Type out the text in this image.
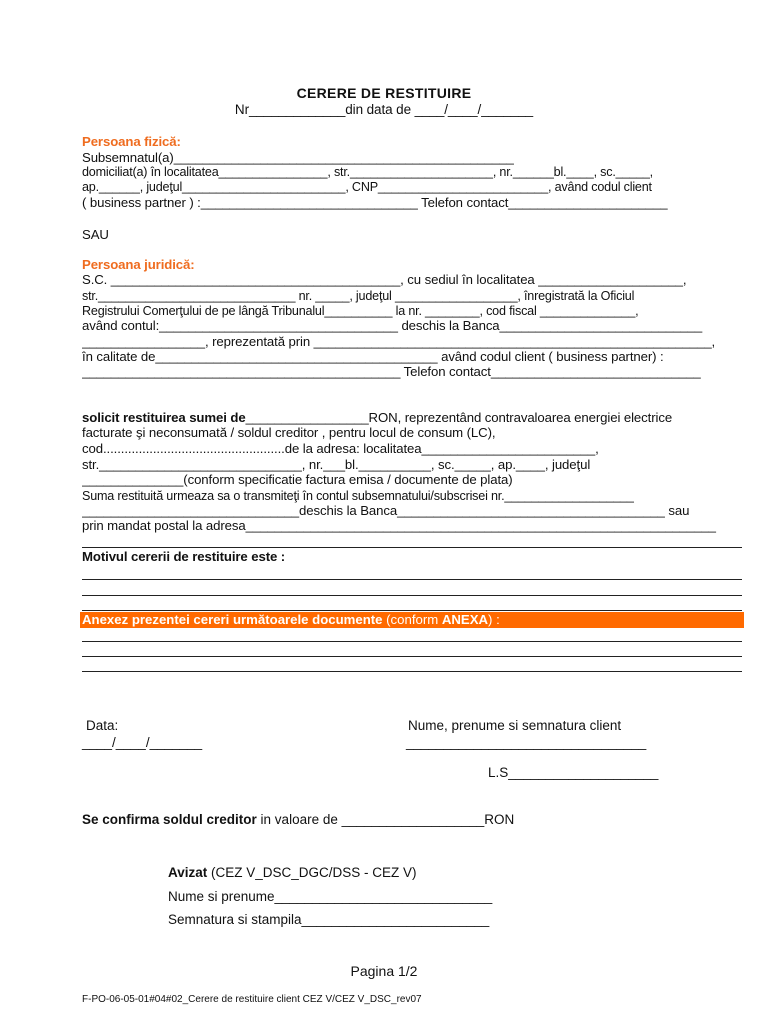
CERERE DE RESTITUIRE
Nr_____________din data de ____/____/_______
Persoana fizică:
Subsemnatul(a)_______________________________________________
domiciliat(a) în localitatea________________, str._____________________, nr.______bl.____, sc._____,
ap.______, judeţul________________________, CNP_________________________, având codul client
( business partner ) :______________________________ Telefon contact______________________
SAU
Persoana juridică:
S.C. ________________________________________, cu sediul în localitatea ____________________,
str._____________________________ nr. _____, judeţul __________________, înregistrată la Oficiul
Registrului Comerţului de pe lângă Tribunalul__________ la nr. ________, cod fiscal ______________,
având contul:_________________________________ deschis la Banca____________________________
_________________, reprezentată prin _______________________________________________________,
în calitate de_______________________________________ având codul client ( business partner) :
____________________________________________ Telefon contact_____________________________
solicit restituirea sumei de_________________RON, reprezentând contravaloarea energiei electrice
facturate şi neconsumată / soldul creditor , pentru locul de consum (LC),
cod...................................................de la adresa: localitatea________________________,
str.____________________________, nr.___bl.__________, sc._____, ap.____, judeţul
______________(conform specificatie factura emisa / documente de plata)
Suma restituită urmeaza sa o transmiteţi în contul subsemnatului/subscrisei nr.___________________
______________________________deschis la Banca_____________________________________ sau
prin mandat postal la adresa_________________________________________________________________
Motivul cererii de restituire este :
Anexez prezentei cereri următoarele documente (conform ANEXA) :
Data:
____/____/_______
Nume, prenume si semnatura client
________________________________
L.S____________________
Se confirma soldul creditor in valoare de ___________________RON
Avizat (CEZ V_DSC_DGC/DSS - CEZ V)
Nume si prenume_____________________________
Semnatura si stampila_________________________
Pagina 1/2
F-PO-06-05-01#04#02_Cerere de restituire client CEZ V/CEZ V_DSC_rev07
